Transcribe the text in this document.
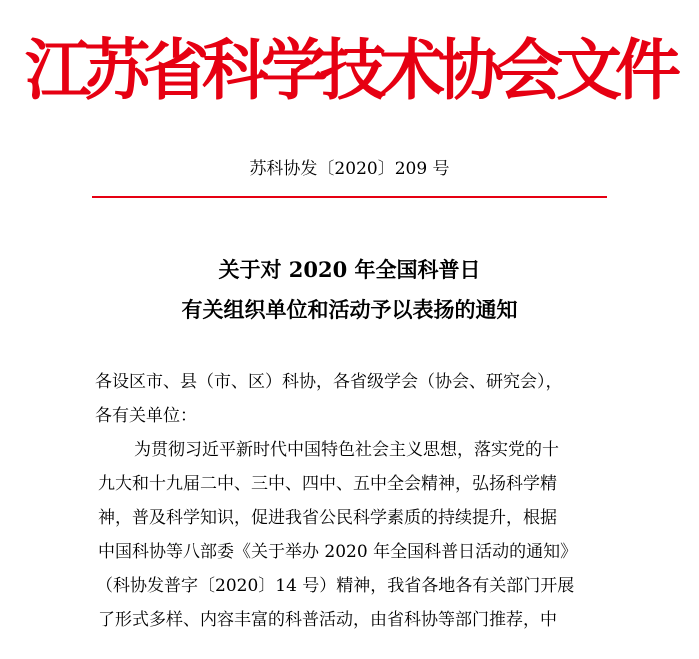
江苏省科学技术协会文件
苏科协发〔2020〕209 号
关于对 2020 年全国科普日
有关组织单位和活动予以表扬的通知
各设区市、县（市、区）科协，各省级学会（协会、研究会），
各有关单位：
为贯彻习近平新时代中国特色社会主义思想，落实党的十
九大和十九届二中、三中、四中、五中全会精神，弘扬科学精
神，普及科学知识，促进我省公民科学素质的持续提升，根据
中国科协等八部委《关于举办 2020 年全国科普日活动的通知》
（科协发普字〔2020〕14 号）精神，我省各地各有关部门开展
了形式多样、内容丰富的科普活动，由省科协等部门推荐，中
